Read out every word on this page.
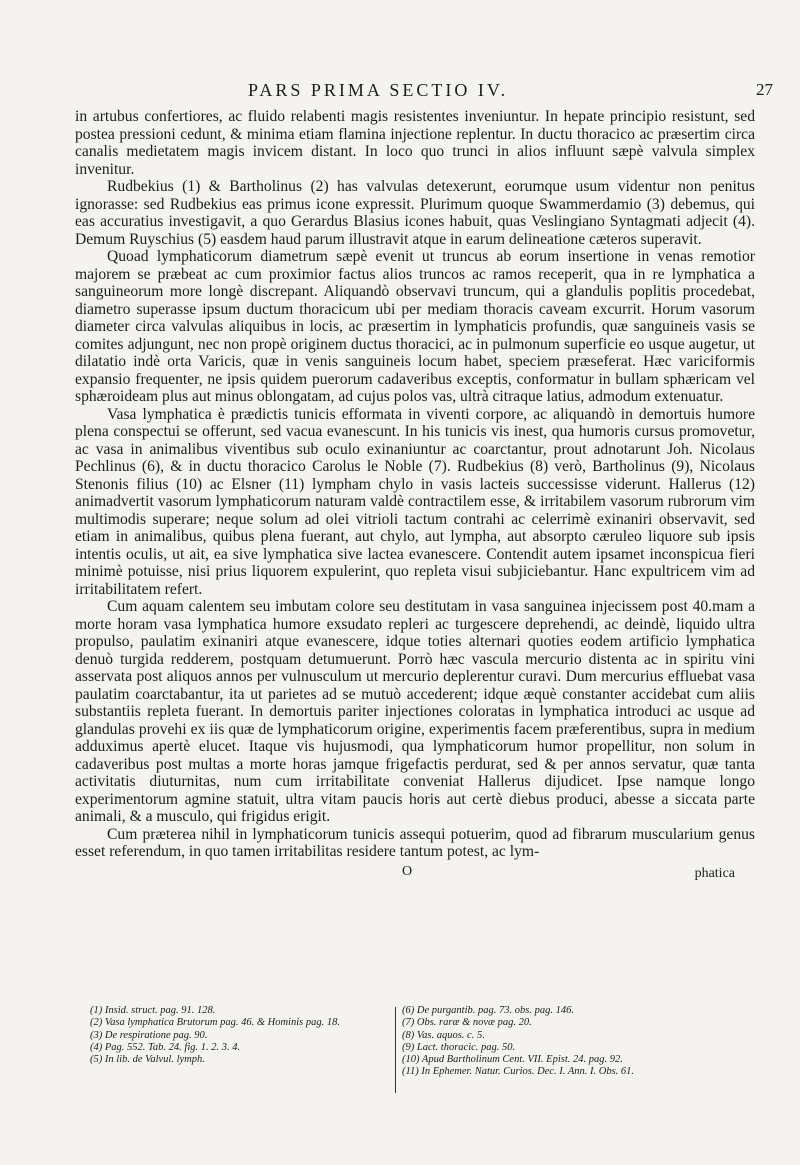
PARS PRIMA SECTIO IV.	27

in artubus confertiores, ac fluido relabenti magis resistentes inveniuntur. In hepate principio resistunt, sed postea pressioni cedunt, & minima etiam flamina injectione replentur. In ductu thoracico ac præsertim circa canalis medietatem magis invicem distant. In loco quo trunci in alios influunt sæpè valvula simplex invenitur.

Rudbekius (1) & Bartholinus (2) has valvulas detexerunt, eorumque usum videntur non penitus ignorasse: sed Rudbekius eas primus icone expressit. Plurimum quoque Swammerdamio (3) debemus, qui eas accuratius investigavit, a quo Gerardus Blasius icones habuit, quas Veslingiano Syntagmati adjecit (4). Demum Ruyschius (5) easdem haud parum illustravit atque in earum delineatione cæteros superavit.

Quoad lymphaticorum diametrum sæpè evenit ut truncus ab eorum insertione in venas remotior majorem se præbeat ac cum proximior factus alios truncos ac ramos receperit, qua in re lymphatica a sanguineorum more longè discrepant. Aliquandò observavi truncum, qui a glandulis poplitis procedebat, diametro superasse ipsum ductum thoracicum ubi per mediam thoracis caveam excurrit. Horum vasorum diameter circa valvulas aliquibus in locis, ac præsertim in lymphaticis profundis, quæ sanguineis vasis se comites adjungunt, nec non propè originem ductus thoracici, ac in pulmonum superficie eo usque augetur, ut dilatatio indè orta Varicis, quæ in venis sanguineis locum habet, speciem præseferat. Hæc variciformis expansio frequenter, ne ipsis quidem puerorum cadaveribus exceptis, conformatur in bullam sphæricam vel sphæroideam plus aut minus oblongatam, ad cujus polos vas, ultrà citraque latius, admodum extenuatur.

Vasa lymphatica è prædictis tunicis efformata in viventi corpore, ac aliquandò in demortuis humore plena conspectui se offerunt, sed vacua evanescunt. In his tunicis vis inest, qua humoris cursus promovetur, ac vasa in animalibus viventibus sub oculo exinaniuntur ac coarctantur, prout adnotarunt Joh. Nicolaus Pechlinus (6), & in ductu thoracico Carolus le Noble (7). Rudbekius (8) verò, Bartholinus (9), Nicolaus Stenonis filius (10) ac Elsner (11) lympham chylo in vasis lacteis successisse viderunt. Hallerus (12) animadvertit vasorum lymphaticorum naturam valdè contractilem esse, & irritabilem vasorum rubrorum vim multimodis superare; neque solum ad olei vitrioli tactum contrahi ac celerrimè exinaniri observavit, sed etiam in animalibus, quibus plena fuerant, aut chylo, aut lympha, aut absorpto cæruleo liquore sub ipsis intentis oculis, ut ait, ea sive lymphatica sive lactea evanescere. Contendit autem ipsamet inconspicua fieri minimè potuisse, nisi prius liquorem expulerint, quo repleta visui subjiciebantur. Hanc expultricem vim ad irritabilitatem refert.

Cum aquam calentem seu imbutam colore seu destitutam in vasa sanguinea injecissem post 40.mam a morte horam vasa lymphatica humore exsudato repleri ac turgescere deprehendi, ac deindè, liquido ultra propulso, paulatim exinaniri atque evanescere, idque toties alternari quoties eodem artificio lymphatica denuò turgida redderem, postquam detumuerunt. Porrò hæc vascula mercurio distenta ac in spiritu vini asservata post aliquos annos per vulnusculum ut mercurio deplerentur curavi. Dum mercurius effluebat vasa paulatim coarctabantur, ita ut parietes ad se mutuò accederent; idque æquè constanter accidebat cum aliis substantiis repleta fuerant. In demortuis pariter injectiones coloratas in lymphatica introduci ac usque ad glandulas provehi ex iis quæ de lymphaticorum origine, experimentis facem præferentibus, supra in medium adduximus apertè elucet. Itaque vis hujusmodi, qua lymphaticorum humor propellitur, non solum in cadaveribus post multas a morte horas jamque frigefactis perdurat, sed & per annos servatur, quæ tanta activitatis diuturnitas, num cum irritabilitate conveniat Hallerus dijudicet. Ipse namque longo experimentorum agmine statuit, ultra vitam paucis horis aut certè diebus produci, abesse a siccata parte animali, & a musculo, qui frigidus erigit.

Cum præterea nihil in lymphaticorum tunicis assequi potuerim, quod ad fibrarum muscularium genus esset referendum, in quo tamen irritabilitas residere tantum potest, ac lym-

O	phatica

(1) Insid. struct. pag. 91. 128.

(2) Vasa lymphatica Brutorum pag. 46. & Hominis pag. 18.

(3) De respiratione pag. 90.

(4) Pag. 552. Tab. 24. fig. 1. 2. 3. 4.

(5) In lib. de Valvul. lymph.

(6) De purgantib. pag. 73. obs. pag. 146.

(7) Obs. raræ & novæ pag. 20.

(8) Vas. aquos. c. 5.

(9) Lact. thoracic. pag. 50.

(10) Apud Bartholinum Cent. VII. Epist. 24. pag. 92.

(11) In Ephemer. Natur. Curios. Dec. I. Ann. I. Obs. 61.
